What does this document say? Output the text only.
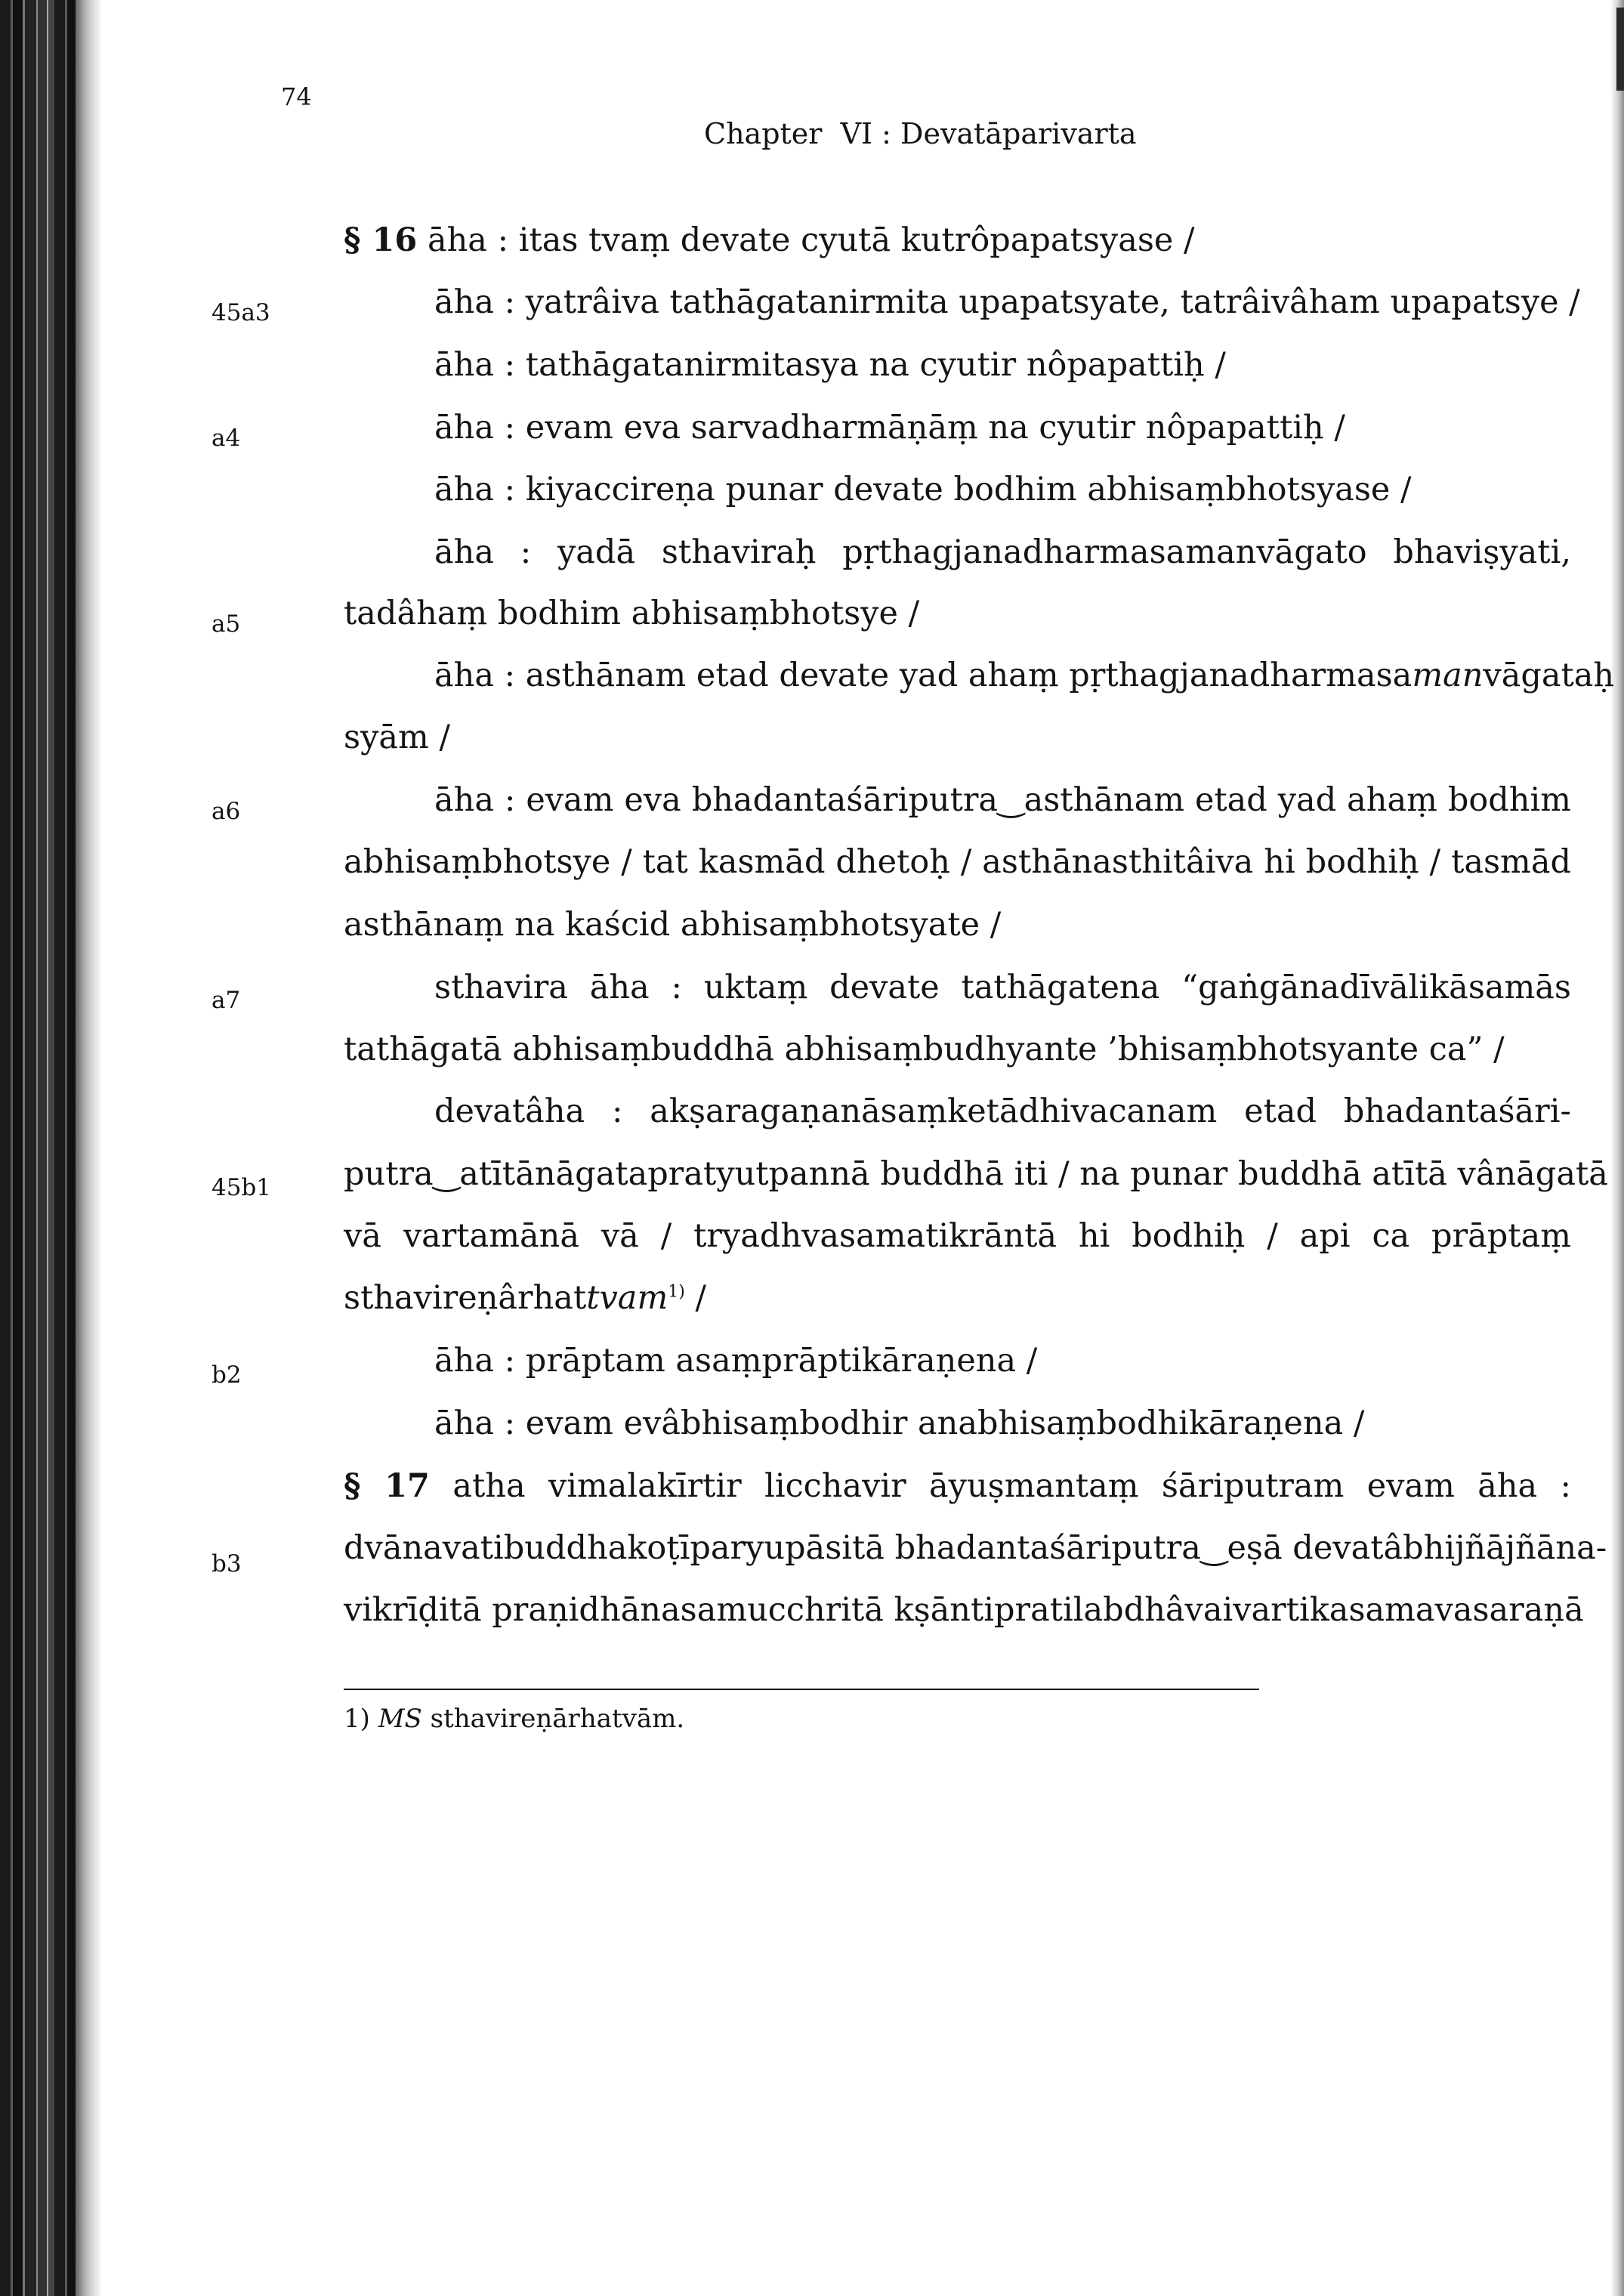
74
Chapter  VI : Devatāparivarta
45a3
a4
a5
a6
a7
45b1
b2
b3
§ 16 āha : itas tvaṃ devate cyutā kutrôpapatsyase /
āha : yatrâiva tathāgatanirmita upapatsyate, tatrâivâham upapatsye /
āha : tathāgatanirmitasya na cyutir nôpapattiḥ /
āha : evam eva sarvadharmāṇāṃ na cyutir nôpapattiḥ /
āha : kiyaccireṇa punar devate bodhim abhisaṃbhotsyase /
āha : yadā sthaviraḥ pṛthagjanadharmasamanvāgato bhaviṣyati,
tadâhaṃ bodhim abhisaṃbhotsye /
āha : asthānam etad devate yad ahaṃ pṛthagjanadharmasamanvāgataḥ
syām /
āha : evam eva bhadantaśāriputra‿asthānam etad yad ahaṃ bodhim
abhisaṃbhotsye / tat kasmād dhetoḥ / asthānasthitâiva hi bodhiḥ / tasmād
asthānaṃ na kaścid abhisaṃbhotsyate /
sthavira āha : uktaṃ devate tathāgatena “gaṅgānadīvālikāsamās
tathāgatā abhisaṃbuddhā abhisaṃbudhyante ’bhisaṃbhotsyante ca” /
devatâha : akṣaragaṇanāsaṃketādhivacanam etad bhadantaśāri-
putra‿atītānāgatapratyutpannā buddhā iti / na punar buddhā atītā vânāgatā
vā vartamānā vā / tryadhvasamatikrāntā hi bodhiḥ / api ca prāptaṃ
sthavireṇârhattvam$^{1)}$ /
āha : prāptam asaṃprāptikāraṇena /
āha : evam evâbhisaṃbodhir anabhisaṃbodhikāraṇena /
§ 17 atha vimalakīrtir licchavir āyuṣmantaṃ śāriputram evam āha :
dvānavatibuddhakoṭīparyupāsitā bhadantaśāriputra‿eṣā devatâbhijñājñāna-
vikrīḍitā praṇidhānasamucchritā kṣāntipratilabdhâvaivartikasamavasaraṇā
1) MS sthavireṇārhatvām.
